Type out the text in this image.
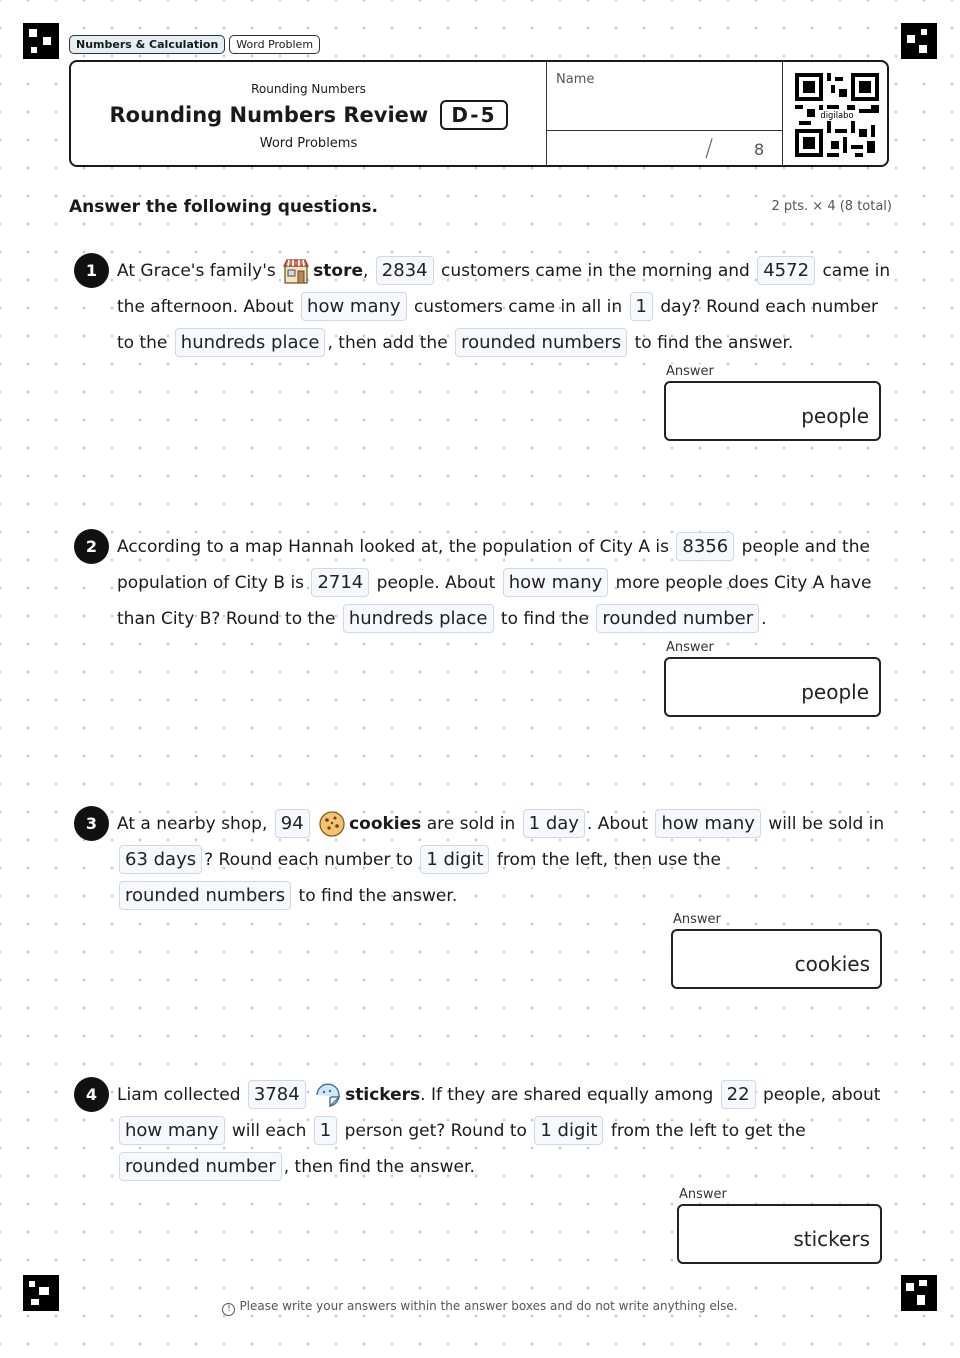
Numbers & Calculation	Word Problem
Rounding Numbers
Rounding Numbers Review	D-5
Word Problems
Name
/	8
digilabo
Answer the following questions.	2 pts. × 4 (8 total)
1	At Grace's family's store, 2834 customers came in the morning and 4572 came in the afternoon. About how many customers came in all in 1 day? Round each number to the hundreds place , then add the rounded numbers to find the answer.
Answer
people
2	According to a map Hannah looked at, the population of City A is 8356 people and the population of City B is 2714 people. About how many more people does City A have than City B? Round to the hundreds place to find the rounded number .
Answer
people
3	At a nearby shop, 94	cookies are sold in 1 day . About how many will be sold in 63 days ? Round each number to 1 digit from the left, then use the rounded numbers to find the answer.
Answer
cookies
4	Liam collected 3784	stickers. If they are shared equally among 22 people, about how many will each 1 person get? Round to 1 digit from the left to get the rounded number , then find the answer.
Answer
stickers
! Please write your answers within the answer boxes and do not write anything else.
